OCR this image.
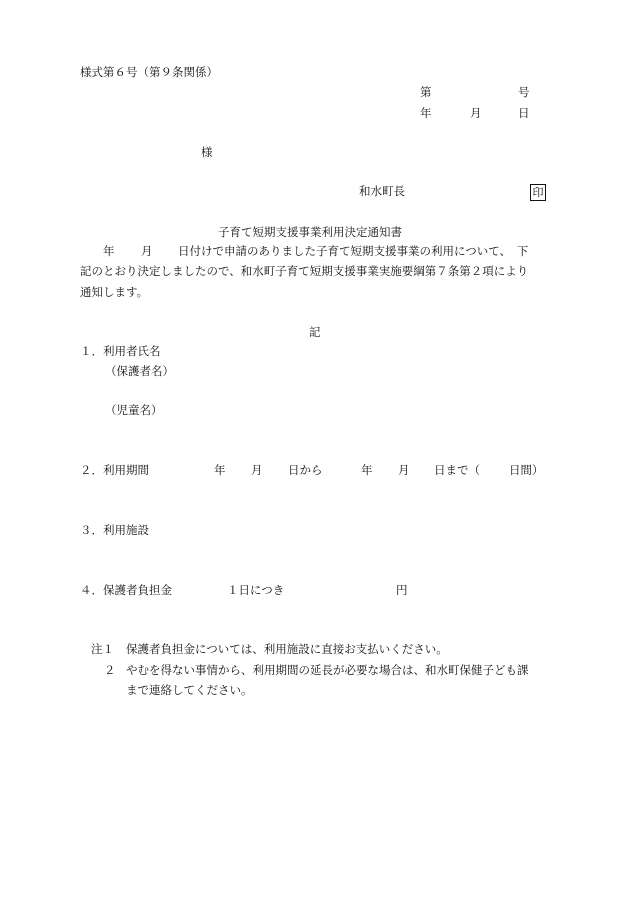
様式第６号（第９条関係）
第	号
年	月	日
様
和水町長	印
子育て短期支援事業利用決定通知書
年 月 日付けで申請のありました子育て短期支援事業の利用について、　下
記のとおり決定しましたので、和水町子育て短期支援事業実施要綱第７条第２項により
通知します。
記
１．利用者氏名
（保護者名）
（児童名）
２．利用期間	年 月 日から	年 月 日まで（	日間）
３．利用施設
４．保護者負担金	１日につき	円
注１ 保護者負担金については、利用施設に直接お支払いください。
２ やむを得ない事情から、利用期間の延長が必要な場合は、和水町保健子ども課
まで連絡してください。
